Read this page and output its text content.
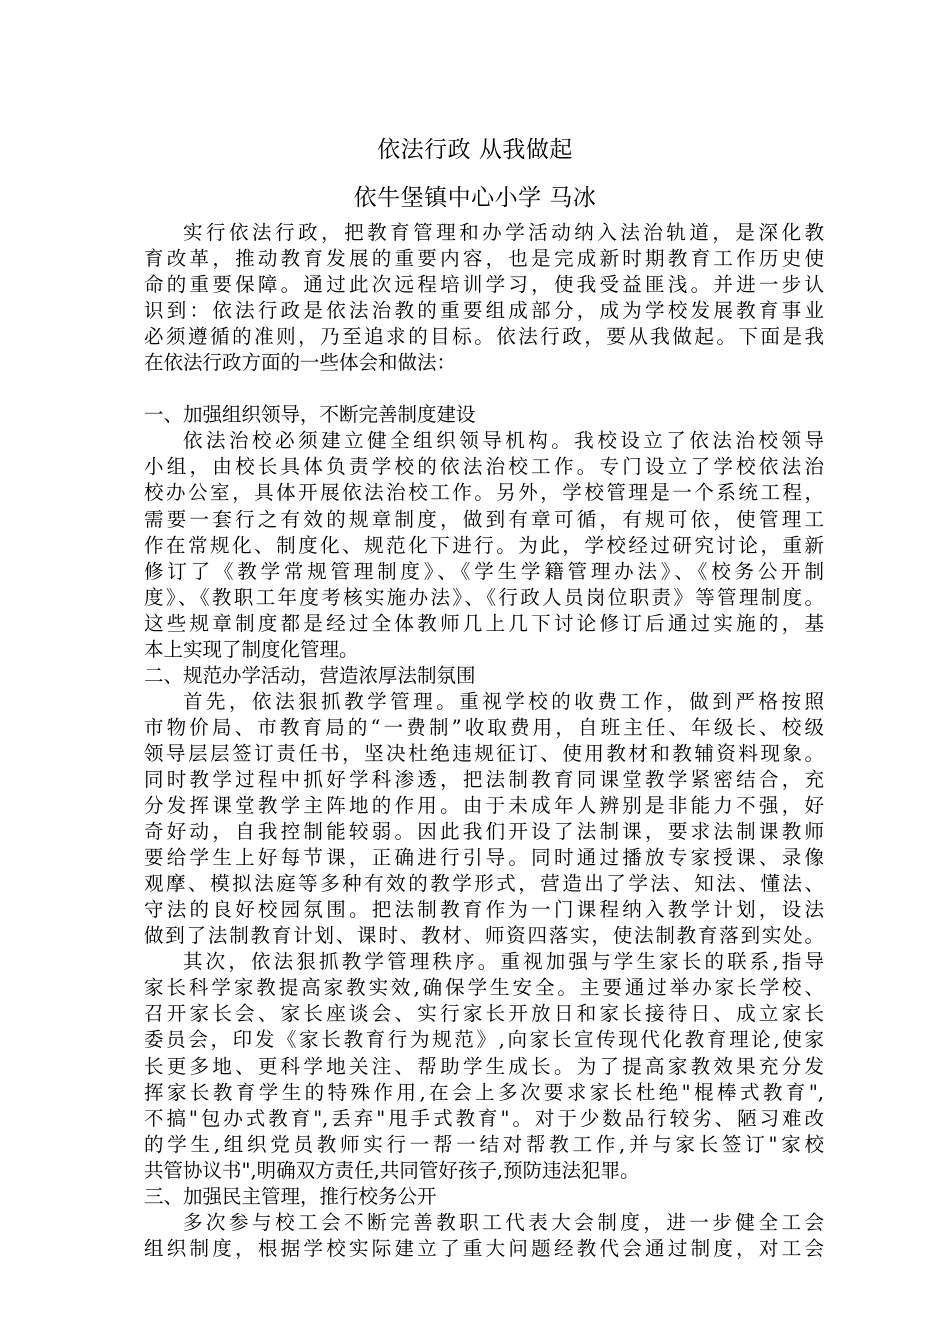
依法行政 从我做起
依牛堡镇中心小学 马冰
实行依法行政，把教育管理和办学活动纳入法治轨道，是深化教
育改革，推动教育发展的重要内容，也是完成新时期教育工作历史使
命的重要保障。通过此次远程培训学习，使我受益匪浅。并进一步认
识到：依法行政是依法治教的重要组成部分，成为学校发展教育事业
必须遵循的准则，乃至追求的目标。依法行政，要从我做起。下面是我
在依法行政方面的一些体会和做法：
一、加强组织领导，不断完善制度建设
依法治校必须建立健全组织领导机构。我校设立了依法治校领导
小组，由校长具体负责学校的依法治校工作。专门设立了学校依法治
校办公室，具体开展依法治校工作。另外，学校管理是一个系统工程，
需要一套行之有效的规章制度，做到有章可循，有规可依，使管理工
作在常规化、制度化、规范化下进行。为此，学校经过研究讨论，重新
修订了《教学常规管理制度》、《学生学籍管理办法》、《校务公开制
度》、《教职工年度考核实施办法》、《行政人员岗位职责》等管理制度。
这些规章制度都是经过全体教师几上几下讨论修订后通过实施的，基
本上实现了制度化管理。
二、规范办学活动，营造浓厚法制氛围
首先，依法狠抓教学管理。重视学校的收费工作，做到严格按照
市物价局、市教育局的“一费制”收取费用，自班主任、年级长、校级
领导层层签订责任书，坚决杜绝违规征订、使用教材和教辅资料现象。
同时教学过程中抓好学科渗透，把法制教育同课堂教学紧密结合，充
分发挥课堂教学主阵地的作用。由于未成年人辨别是非能力不强，好
奇好动，自我控制能较弱。因此我们开设了法制课，要求法制课教师
要给学生上好每节课，正确进行引导。同时通过播放专家授课、录像
观摩、模拟法庭等多种有效的教学形式，营造出了学法、知法、懂法、
守法的良好校园氛围。把法制教育作为一门课程纳入教学计划，设法
做到了法制教育计划、课时、教材、师资四落实，使法制教育落到实处。
其次，依法狠抓教学管理秩序。重视加强与学生家长的联系,指导
家长科学家教提高家教实效,确保学生安全。主要通过举办家长学校、
召开家长会、家长座谈会、实行家长开放日和家长接待日、成立家长
委员会，印发《家长教育行为规范》,向家长宣传现代化教育理论,使家
长更多地、更科学地关注、帮助学生成长。为了提高家教效果充分发
挥家长教育学生的特殊作用,在会上多次要求家长杜绝"棍棒式教育",
不搞"包办式教育",丢弃"甩手式教育"。对于少数品行较劣、陋习难改
的学生,组织党员教师实行一帮一结对帮教工作,并与家长签订"家校
共管协议书",明确双方责任,共同管好孩子,预防违法犯罪。
三、加强民主管理，推行校务公开
多次参与校工会不断完善教职工代表大会制度，进一步健全工会
组织制度，根据学校实际建立了重大问题经教代会通过制度，对工会
